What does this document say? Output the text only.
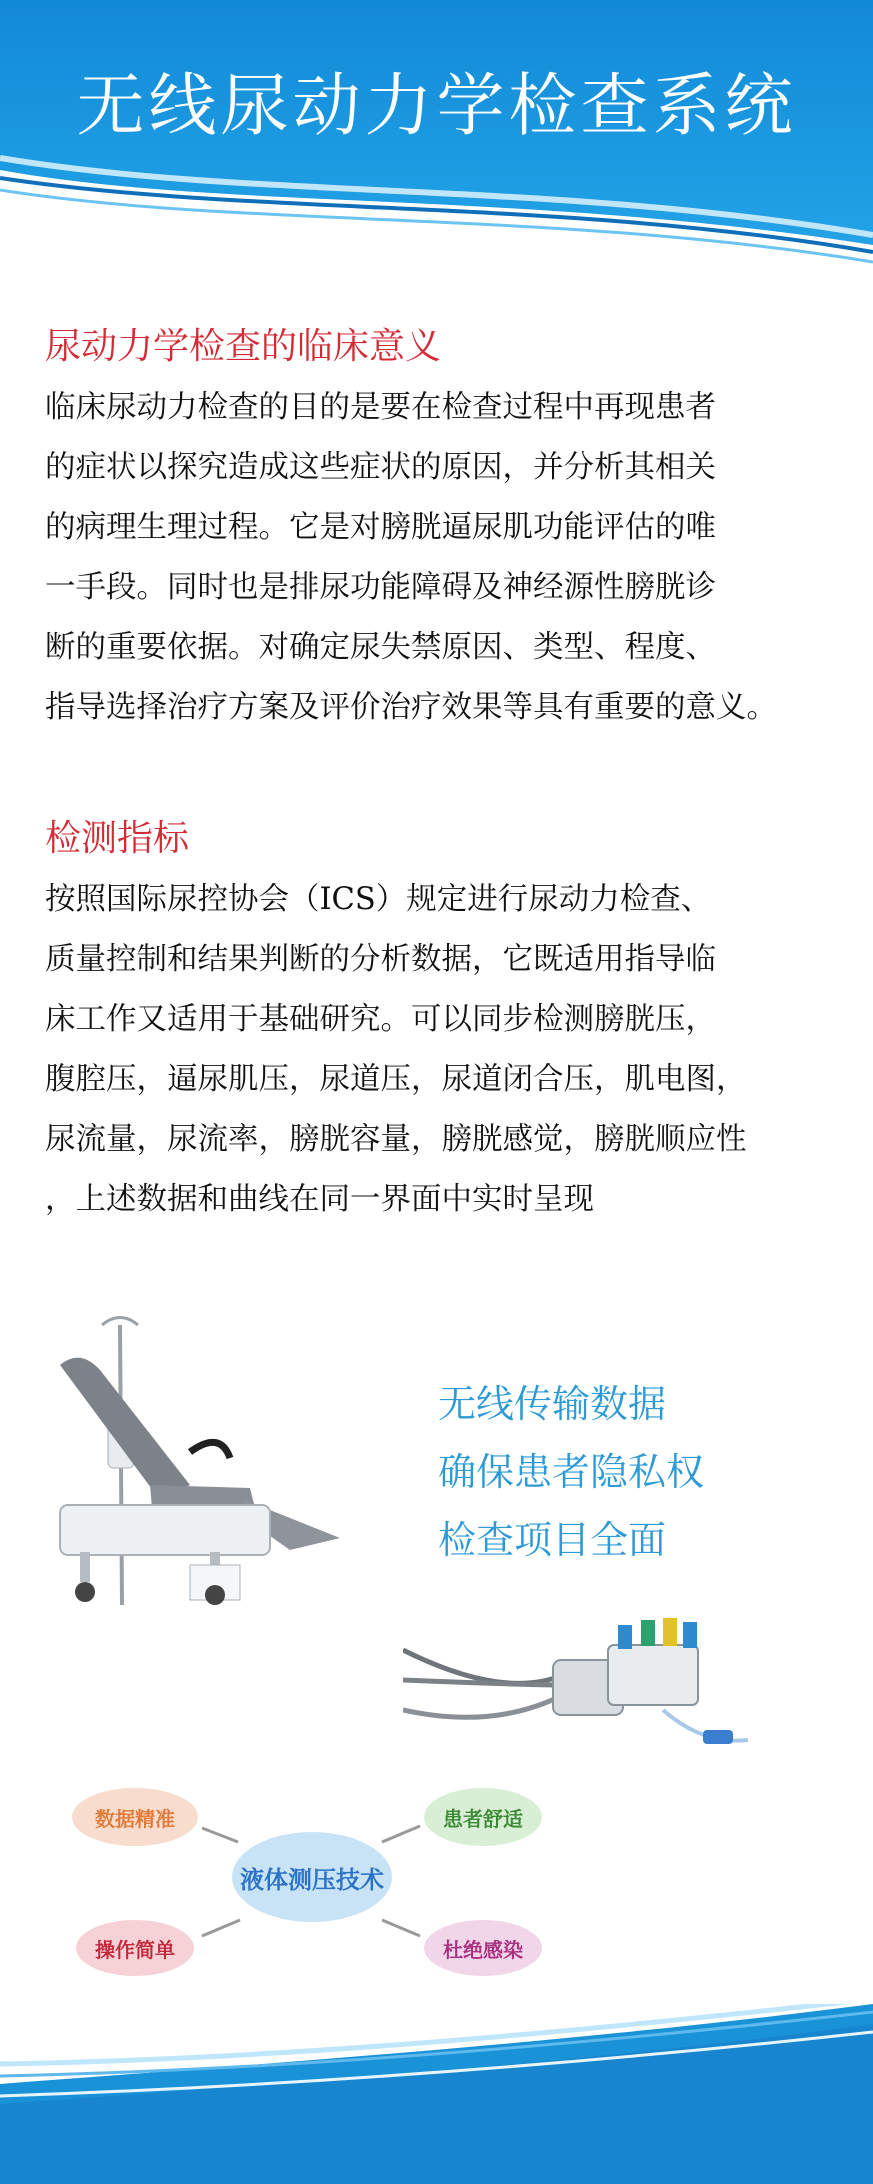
无线尿动力学检查系统
尿动力学检查的临床意义
临床尿动力检查的目的是要在检查过程中再现患者
的症状以探究造成这些症状的原因，并分析其相关
的病理生理过程。它是对膀胱逼尿肌功能评估的唯
一手段。同时也是排尿功能障碍及神经源性膀胱诊
断的重要依据。对确定尿失禁原因、类型、程度、
指导选择治疗方案及评价治疗效果等具有重要的意义。
检测指标
按照国际尿控协会（ICS）规定进行尿动力检查、
质量控制和结果判断的分析数据，它既适用指导临
床工作又适用于基础研究。可以同步检测膀胱压，
腹腔压，逼尿肌压，尿道压，尿道闭合压，肌电图，
尿流量，尿流率，膀胱容量，膀胱感觉，膀胱顺应性
，上述数据和曲线在同一界面中实时呈现
无线传输数据
确保患者隐私权
检查项目全面
液体测压技术
数据精准	患者舒适
操作简单	杜绝感染
